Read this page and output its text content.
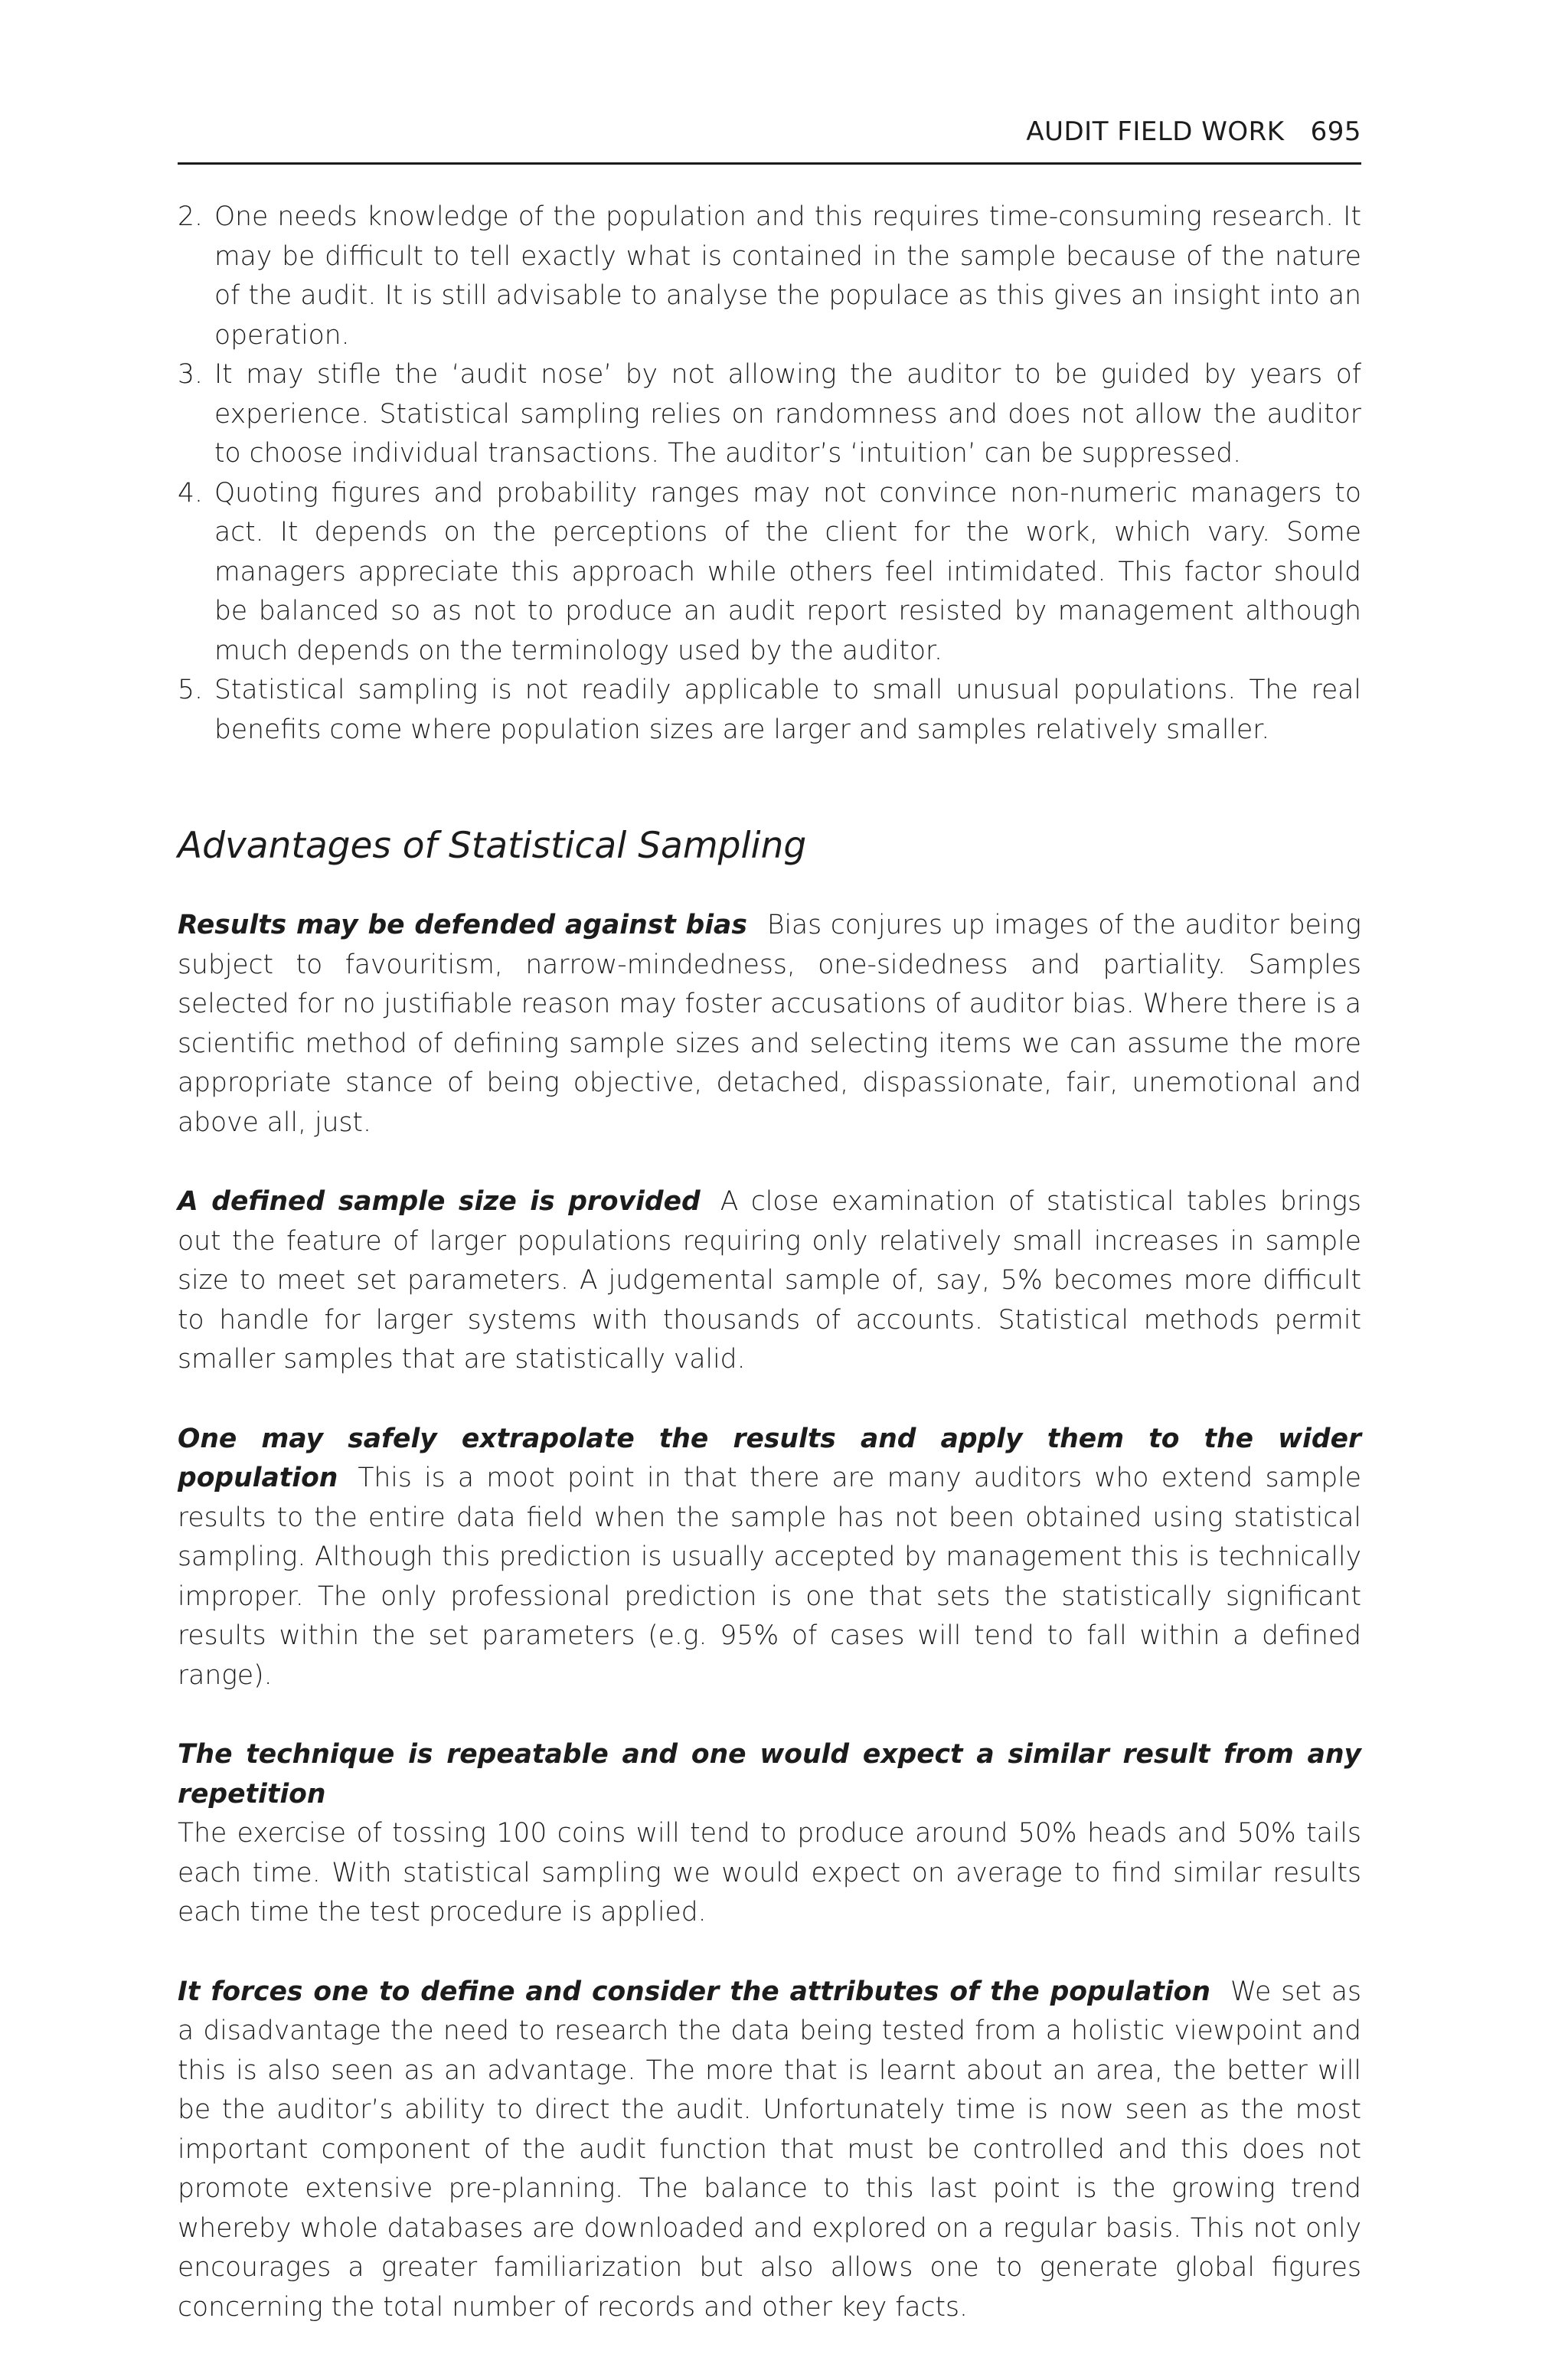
AUDIT FIELD WORK 695
2. One needs knowledge of the population and this requires time-consuming research. It may be difficult to tell exactly what is contained in the sample because of the nature of the audit. It is still advisable to analyse the populace as this gives an insight into an operation.
3. It may stifle the ‘audit nose’ by not allowing the auditor to be guided by years of experience. Statistical sampling relies on randomness and does not allow the auditor to choose individual transactions. The auditor’s ‘intuition’ can be suppressed.
4. Quoting figures and probability ranges may not convince non-numeric managers to act. It depends on the perceptions of the client for the work, which vary. Some managers appreciate this approach while others feel intimidated. This factor should be balanced so as not to produce an audit report resisted by management although much depends on the terminology used by the auditor.
5. Statistical sampling is not readily applicable to small unusual populations. The real benefits come where population sizes are larger and samples relatively smaller.
Advantages of Statistical Sampling

Results may be defended against bias Bias conjures up images of the auditor being subject to favouritism, narrow-mindedness, one-sidedness and partiality. Samples selected for no justifiable reason may foster accusations of auditor bias. Where there is a scientific method of defining sample sizes and selecting items we can assume the more appropriate stance of being objective, detached, dispassionate, fair, unemotional and above all, just.

A defined sample size is provided A close examination of statistical tables brings out the feature of larger populations requiring only relatively small increases in sample size to meet set parameters. A judgemental sample of, say, 5% becomes more difficult to handle for larger systems with thousands of accounts. Statistical methods permit smaller samples that are statistically valid.

One may safely extrapolate the results and apply them to the wider population This is a moot point in that there are many auditors who extend sample results to the entire data field when the sample has not been obtained using statistical sampling. Although this prediction is usually accepted by management this is technically improper. The only professional prediction is one that sets the statistically significant results within the set parameters (e.g. 95% of cases will tend to fall within a defined range).

The technique is repeatable and one would expect a similar result from any repetition
The exercise of tossing 100 coins will tend to produce around 50% heads and 50% tails each time. With statistical sampling we would expect on average to find similar results each time the test procedure is applied.

It forces one to define and consider the attributes of the population We set as a disadvantage the need to research the data being tested from a holistic viewpoint and this is also seen as an advantage. The more that is learnt about an area, the better will be the auditor’s ability to direct the audit. Unfortunately time is now seen as the most important component of the audit function that must be controlled and this does not promote extensive pre-planning. The balance to this last point is the growing trend whereby whole databases are downloaded and explored on a regular basis. This not only encourages a greater familiarization but also allows one to generate global figures concerning the total number of records and other key facts.
